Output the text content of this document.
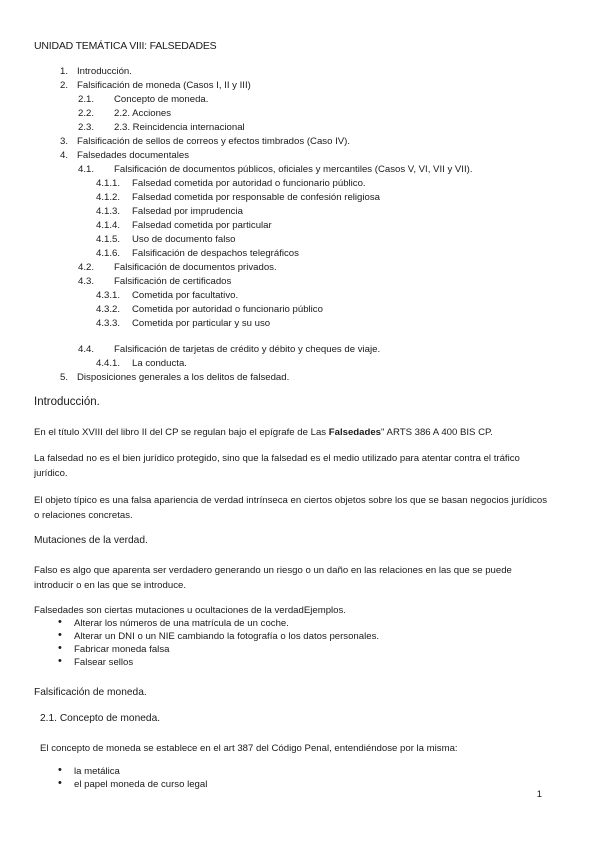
UNIDAD TEMÁTICA VIII: FALSEDADES
1. Introducción.
2. Falsificación de moneda (Casos I, II y III)
2.1. Concepto de moneda.
2.2. 2.2. Acciones
2.3. 2.3. Reincidencia internacional
3. Falsificación de sellos de correos y efectos timbrados (Caso IV).
4. Falsedades documentales
4.1. Falsificación de documentos públicos, oficiales y mercantiles (Casos V, VI, VII y VII).
4.1.1. Falsedad cometida por autoridad o funcionario público.
4.1.2. Falsedad cometida por responsable de confesión religiosa
4.1.3. Falsedad por imprudencia
4.1.4. Falsedad cometida por particular
4.1.5. Uso de documento falso
4.1.6. Falsificación de despachos telegráficos
4.2. Falsificación de documentos privados.
4.3. Falsificación de certificados
4.3.1. Cometida por facultativo.
4.3.2. Cometida por autoridad o funcionario público
4.3.3. Cometida por particular y su uso
4.4. Falsificación de tarjetas de crédito y débito y cheques de viaje.
4.4.1. La conducta.
5. Disposiciones generales a los delitos de falsedad.
Introducción.
En el título XVIII del libro II del CP se regulan bajo el epígrafe de Las Falsedades" ARTS 386 A 400 BIS CP.
La falsedad no es el bien jurídico protegido, sino que la falsedad es el medio utilizado para atentar contra el tráfico jurídico.
El objeto típico es una falsa apariencia de verdad intrínseca en ciertos objetos sobre los que se basan negocios jurídicos o relaciones concretas.
Mutaciones de la verdad.
Falso es algo que aparenta ser verdadero generando un riesgo o un daño en las relaciones en las que se puede introducir o en las que se introduce.
Falsedades son ciertas mutaciones u ocultaciones de la verdadEjemplos.
• Alterar los números de una matrícula de un coche.
• Alterar un DNI o un NIE cambiando la fotografía o los datos personales.
• Fabricar moneda falsa
• Falsear sellos
Falsificación de moneda.
2.1. Concepto de moneda.
El concepto de moneda se establece en el art 387 del Código Penal, entendiéndose por la misma:
• la metálica
• el papel moneda de curso legal
1
